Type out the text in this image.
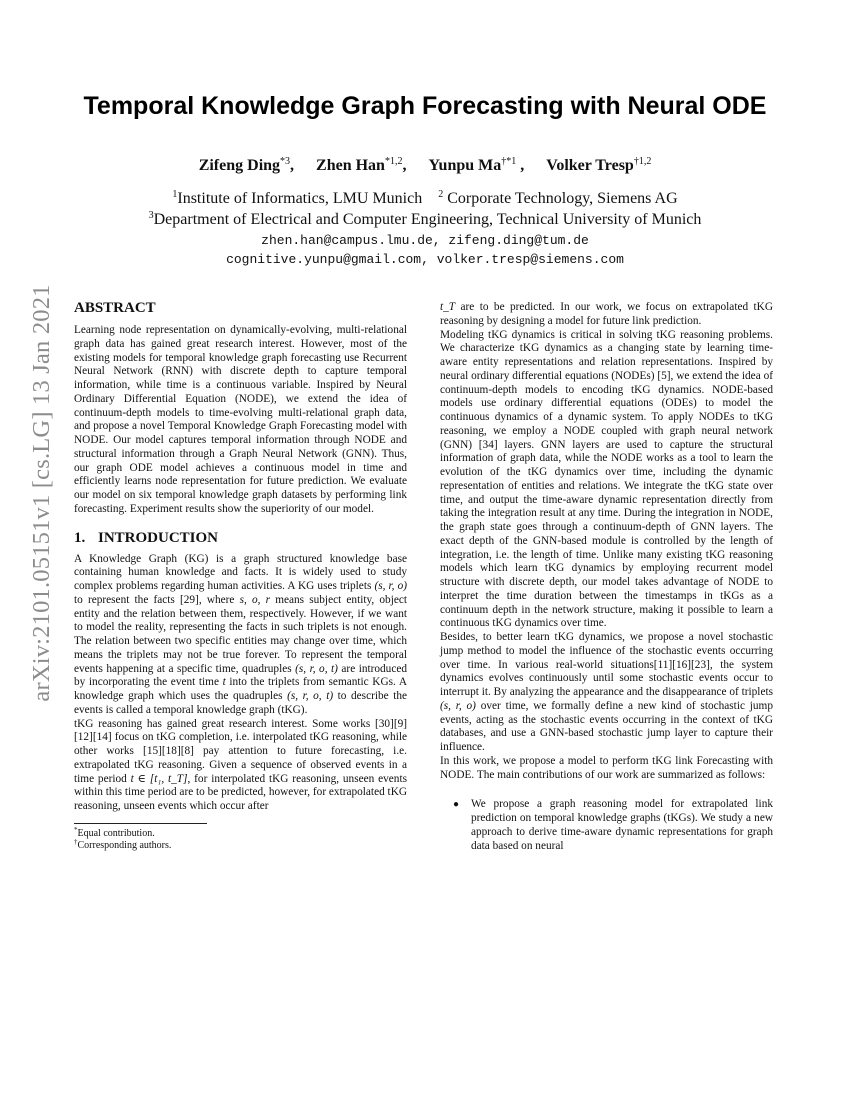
arXiv:2101.05151v1 [cs.LG] 13 Jan 2021
Temporal Knowledge Graph Forecasting with Neural ODE
Zifeng Ding$^{*3}$, Zhen Han$^{*1,2}$, Yunpu Ma$^{\dagger*1}$ , Volker Tresp$^{\dagger 1,2}$
$^1$Institute of Informatics, LMU Munich $^2$ Corporate Technology, Siemens AG
$^3$Department of Electrical and Computer Engineering, Technical University of Munich
zhen.han@campus.lmu.de, zifeng.ding@tum.de
cognitive.yunpu@gmail.com, volker.tresp@siemens.com
ABSTRACT

Learning node representation on dynamically-evolving, multi-relational graph data has gained great research interest. However, most of the existing models for temporal knowledge graph forecasting use Recurrent Neural Network (RNN) with discrete depth to capture temporal information, while time is a continuous variable. Inspired by Neural Ordinary Differential Equation (NODE), we extend the idea of continuum-depth models to time-evolving multi-relational graph data, and propose a novel Temporal Knowledge Graph Forecasting model with NODE. Our model captures temporal information through NODE and structural information through a Graph Neural Network (GNN). Thus, our graph ODE model achieves a continuous model in time and efficiently learns node representation for future prediction. We evaluate our model on six temporal knowledge graph datasets by performing link forecasting. Experiment results show the superiority of our model.

1. INTRODUCTION

A Knowledge Graph (KG) is a graph structured knowledge base containing human knowledge and facts. It is widely used to study complex problems regarding human activities. A KG uses triplets (s, r, o) to represent the facts [29], where s, o, r means subject entity, object entity and the relation between them, respectively. However, if we want to model the reality, representing the facts in such triplets is not enough. The relation between two specific entities may change over time, which means the triplets may not be true forever. To represent the temporal events happening at a specific time, quadruples (s, r, o, t) are introduced by incorporating the event time t into the triplets from semantic KGs. A knowledge graph which uses the quadruples (s, r, o, t) to describe the events is called a temporal knowledge graph (tKG).

tKG reasoning has gained great research interest. Some works [30][9][12][14] focus on tKG completion, i.e. interpolated tKG reasoning, while other works [15][18][8] pay attention to future forecasting, i.e. extrapolated tKG reasoning. Given a sequence of observed events in a time period t ∈ [t₁, t_T], for interpolated tKG reasoning, unseen events within this time period are to be predicted, however, for extrapolated tKG reasoning, unseen events which occur after

*Equal contribution.

†Corresponding authors.

t_T are to be predicted. In our work, we focus on extrapolated tKG reasoning by designing a model for future link prediction.

Modeling tKG dynamics is critical in solving tKG reasoning problems. We characterize tKG dynamics as a changing state by learning time-aware entity representations and relation representations. Inspired by neural ordinary differential equations (NODEs) [5], we extend the idea of continuum-depth models to encoding tKG dynamics. NODE-based models use ordinary differential equations (ODEs) to model the continuous dynamics of a dynamic system. To apply NODEs to tKG reasoning, we employ a NODE coupled with graph neural network (GNN) [34] layers. GNN layers are used to capture the structural information of graph data, while the NODE works as a tool to learn the evolution of the tKG dynamics over time, including the dynamic representation of entities and relations. We integrate the tKG state over time, and output the time-aware dynamic representation directly from taking the integration result at any time. During the integration in NODE, the graph state goes through a continuum-depth of GNN layers. The exact depth of the GNN-based module is controlled by the length of integration, i.e. the length of time. Unlike many existing tKG reasoning models which learn tKG dynamics by employing recurrent model structure with discrete depth, our model takes advantage of NODE to interpret the time duration between the timestamps in tKGs as a continuum depth in the network structure, making it possible to learn a continuous tKG dynamics over time.

Besides, to better learn tKG dynamics, we propose a novel stochastic jump method to model the influence of the stochastic events occurring over time. In various real-world situations[11][16][23], the system dynamics evolves continuously until some stochastic events occur to interrupt it. By analyzing the appearance and the disappearance of triplets (s, r, o) over time, we formally define a new kind of stochastic jump events, acting as the stochastic events occurring in the context of tKG databases, and use a GNN-based stochastic jump layer to capture their influence.

In this work, we propose a model to perform tKG link Forecasting with NODE. The main contributions of our work are summarized as follows:

●	We propose a graph reasoning model for extrapolated link prediction on temporal knowledge graphs (tKGs). We study a new approach to derive time-aware dynamic representations for graph data based on neural
